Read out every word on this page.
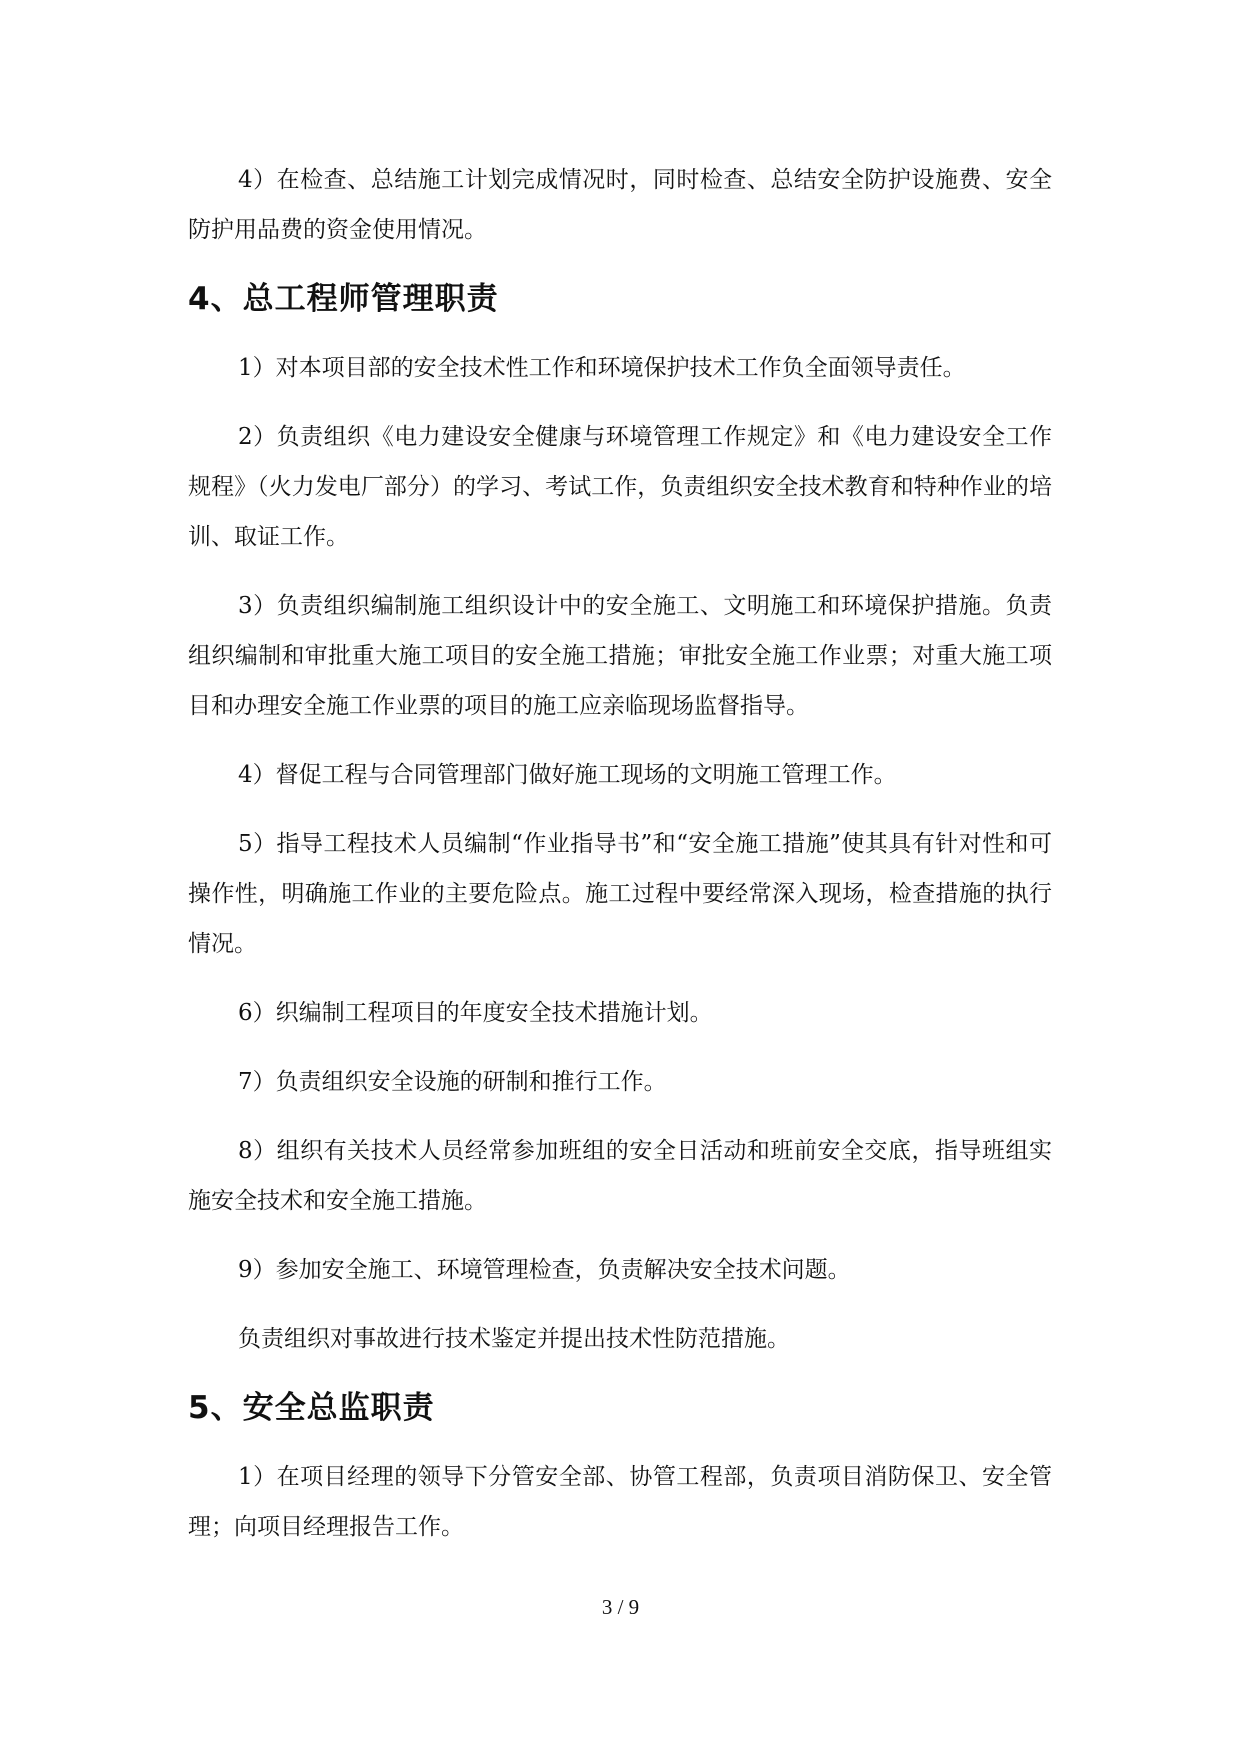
4）在检查、总结施工计划完成情况时，同时检查、总结安全防护设施费、安全防护用品费的资金使用情况。

4、总工程师管理职责

1）对本项目部的安全技术性工作和环境保护技术工作负全面领导责任。

2）负责组织《电力建设安全健康与环境管理工作规定》和《电力建设安全工作规程》（火力发电厂部分）的学习、考试工作，负责组织安全技术教育和特种作业的培训、取证工作。

3）负责组织编制施工组织设计中的安全施工、文明施工和环境保护措施。负责组织编制和审批重大施工项目的安全施工措施；审批安全施工作业票；对重大施工项目和办理安全施工作业票的项目的施工应亲临现场监督指导。

4）督促工程与合同管理部门做好施工现场的文明施工管理工作。

5）指导工程技术人员编制“作业指导书”和“安全施工措施”使其具有针对性和可操作性，明确施工作业的主要危险点。施工过程中要经常深入现场，检查措施的执行情况。

6）织编制工程项目的年度安全技术措施计划。

7）负责组织安全设施的研制和推行工作。

8）组织有关技术人员经常参加班组的安全日活动和班前安全交底，指导班组实施安全技术和安全施工措施。

9）参加安全施工、环境管理检查，负责解决安全技术问题。

负责组织对事故进行技术鉴定并提出技术性防范措施。

5、安全总监职责

1）在项目经理的领导下分管安全部、协管工程部，负责项目消防保卫、安全管理；向项目经理报告工作。

3 / 9
